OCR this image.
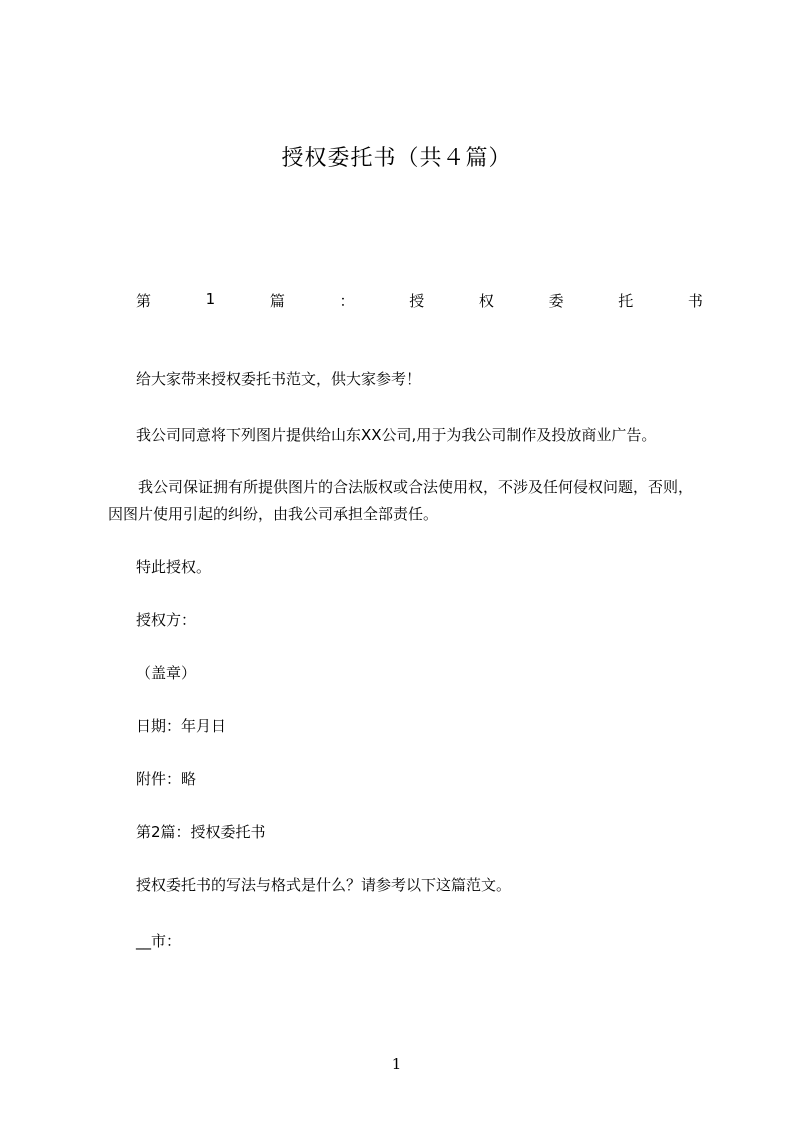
授权委托书（共４篇）
第	1	篇	：	授	权	委	托	书
给大家带来授权委托书范文，供大家参考！
我公司同意将下列图片提供给山东XX公司,用于为我公司制作及投放商业广告。
我公司保证拥有所提供图片的合法版权或合法使用权，不涉及任何侵权问题，否则，因图片使用引起的纠纷，由我公司承担全部责任。
特此授权。
授权方：
（盖章）
日期：年月日
附件：略
第2篇：授权委托书
授权委托书的写法与格式是什么？请参考以下这篇范文。
__市：
1
